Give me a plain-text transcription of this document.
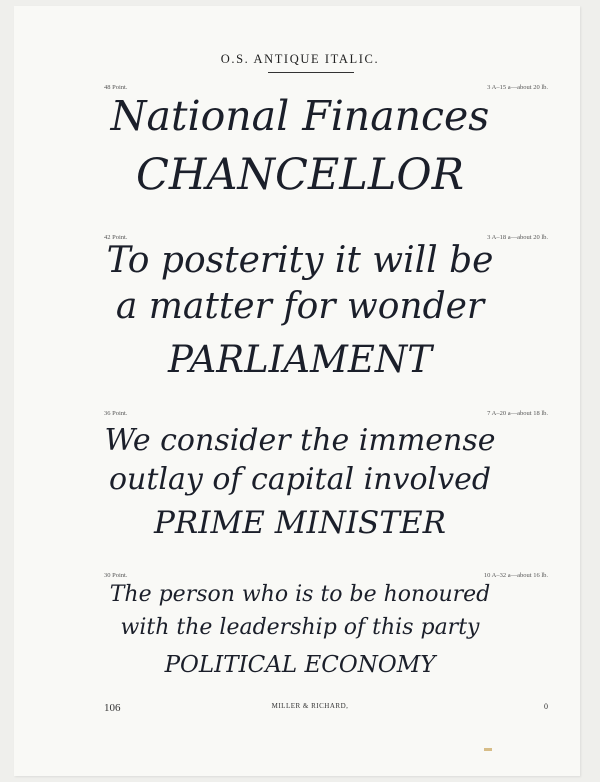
O.S. ANTIQUE ITALIC.
48 Point.	3 A–15 a—about 20 lb.
National Finances
CHANCELLOR
42 Point.	3 A–18 a—about 20 lb.
To posterity it will be
a matter for wonder
PARLIAMENT
36 Point.	7 A–20 a—about 18 lb.
We consider the immense
outlay of capital involved
PRIME MINISTER
30 Point.	10 A–32 a—about 16 lb.
The person who is to be honoured
with the leadership of this party
POLITICAL ECONOMY
106	MILLER & RICHARD,	0
